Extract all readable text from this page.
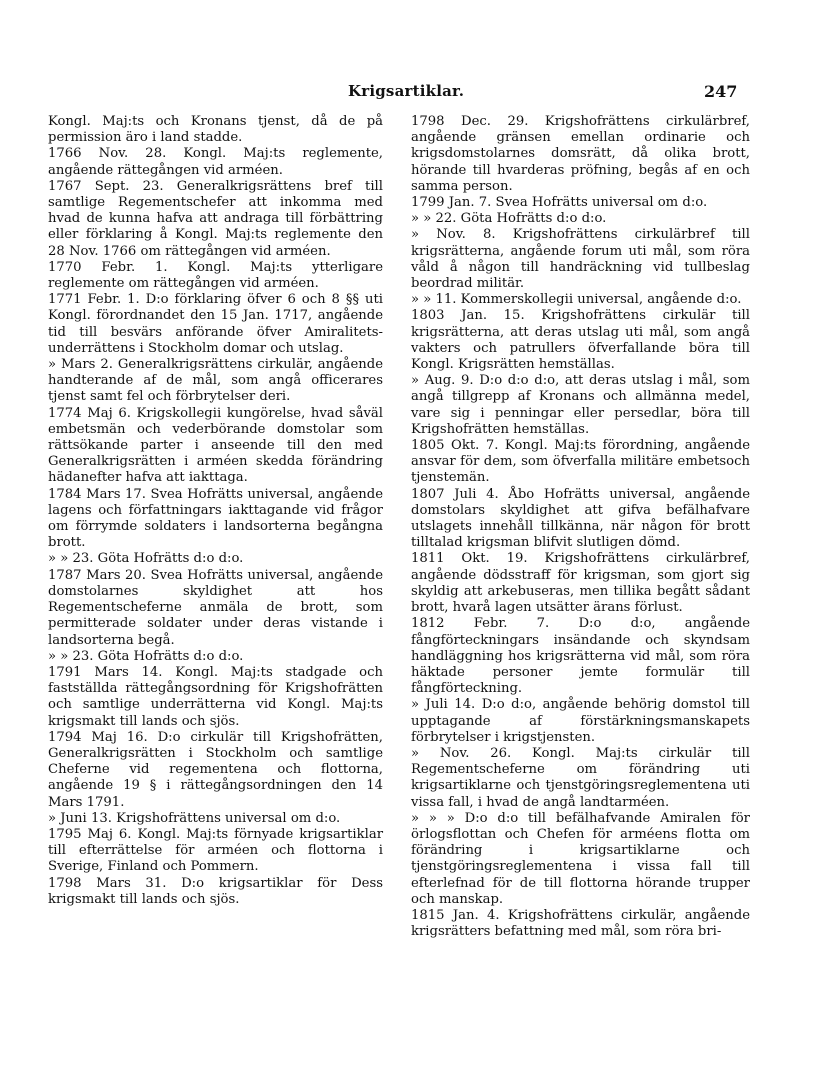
Krigsartiklar.	247

Kongl. Maj:ts och Kronans tjenst, då de på permission äro i land stadde.

1766 Nov. 28. Kongl. Maj:ts reglemente, angående rättegången vid arméen.

1767 Sept. 23. Generalkrigsrättens bref till samtlige Regementschefer att inkomma med hvad de kunna hafva att andraga till förbättring eller förklaring å Kongl. Maj:ts reglemente den 28 Nov. 1766 om rättegången vid arméen.

1770 Febr. 1. Kongl. Maj:ts ytterligare reglemente om rättegången vid arméen.

1771 Febr. 1. D:o förklaring öfver 6 och 8 §§ uti Kongl. förordnandet den 15 Jan. 1717, angående tid till besvärs anförande öfver Amiralitets-underrättens i Stockholm domar och utslag.

» Mars 2. Generalkrigsrättens cirkulär, angående handterande af de mål, som angå officerares tjenst samt fel och förbrytelser deri.

1774 Maj 6. Krigskollegii kungörelse, hvad såväl embetsmän och vederbörande domstolar som rättsökande parter i anseende till den med Generalkrigsrätten i arméen skedda förändring hädanefter hafva att iakttaga.

1784 Mars 17. Svea Hofrätts universal, angående lagens och författningars iakttagande vid frågor om förrymde soldaters i landsorterna begångna brott.

» » 23. Göta Hofrätts d:o d:o.

1787 Mars 20. Svea Hofrätts universal, angående domstolarnes skyldighet att hos Regementscheferne anmäla de brott, som permitterade soldater under deras vistande i landsorterna begå.

» » 23. Göta Hofrätts d:o d:o.

1791 Mars 14. Kongl. Maj:ts stadgade och fastställda rättegångsordning för Krigshofrätten och samtlige underrätterna vid Kongl. Maj:ts krigsmakt till lands och sjös.

1794 Maj 16. D:o cirkulär till Krigshofrätten, Generalkrigsrätten i Stockholm och samtlige Cheferne vid regementena och flottorna, angående 19 § i rättegångsordningen den 14 Mars 1791.

» Juni 13. Krigshofrättens universal om d:o.

1795 Maj 6. Kongl. Maj:ts förnyade krigsartiklar till efterrättelse för arméen och flottorna i Sverige, Finland och Pommern.

1798 Mars 31. D:o krigsartiklar för Dess krigsmakt till lands och sjös.

1798 Dec. 29. Krigshofrättens cirkulärbref, angående gränsen emellan ordinarie och krigsdomstolarnes domsrätt, då olika brott, hörande till hvarderas pröfning, begås af en och samma person.

1799 Jan. 7. Svea Hofrätts universal om d:o.

» » 22. Göta Hofrätts d:o d:o.

» Nov. 8. Krigshofrättens cirkulärbref till krigsrätterna, angående forum uti mål, som röra våld å någon till handräckning vid tullbeslag beordrad militär.

» » 11. Kommerskollegii universal, angående d:o.

1803 Jan. 15. Krigshofrättens cirkulär till krigsrätterna, att deras utslag uti mål, som angå vakters och patrullers öfverfallande böra till Kongl. Krigsrätten hemställas.

» Aug. 9. D:o d:o d:o, att deras utslag i mål, som angå tillgrepp af Kronans och allmänna medel, vare sig i penningar eller persedlar, böra till Krigshofrätten hemställas.

1805 Okt. 7. Kongl. Maj:ts förordning, angående ansvar för dem, som öfverfalla militäre embetsoch tjenstemän.

1807 Juli 4. Åbo Hofrätts universal, angående domstolars skyldighet att gifva befälhafvare utslagets innehåll tillkänna, när någon för brott tilltalad krigsman blifvit slutligen dömd.

1811 Okt. 19. Krigshofrättens cirkulärbref, angående dödsstraff för krigsman, som gjort sig skyldig att arkebuseras, men tillika begått sådant brott, hvarå lagen utsätter ärans förlust.

1812 Febr. 7. D:o d:o, angående fångförteckningars insändande och skyndsam handläggning hos krigsrätterna vid mål, som röra häktade personer jemte formulär till fångförteckning.

» Juli 14. D:o d:o, angående behörig domstol till upptagande af förstärkningsmanskapets förbrytelser i krigstjensten.

» Nov. 26. Kongl. Maj:ts cirkulär till Regementscheferne om förändring uti krigsartiklarne och tjenstgöringsreglementena uti vissa fall, i hvad de angå landtarméen.

» » » D:o d:o till befälhafvande Amiralen för örlogsflottan och Chefen för arméens flotta om förändring i krigsartiklarne och tjenstgöringsreglementena i vissa fall till efterlefnad för de till flottorna hörande trupper och manskap.

1815 Jan. 4. Krigshofrättens cirkulär, angående krigsrätters befattning med mål, som röra bri-
